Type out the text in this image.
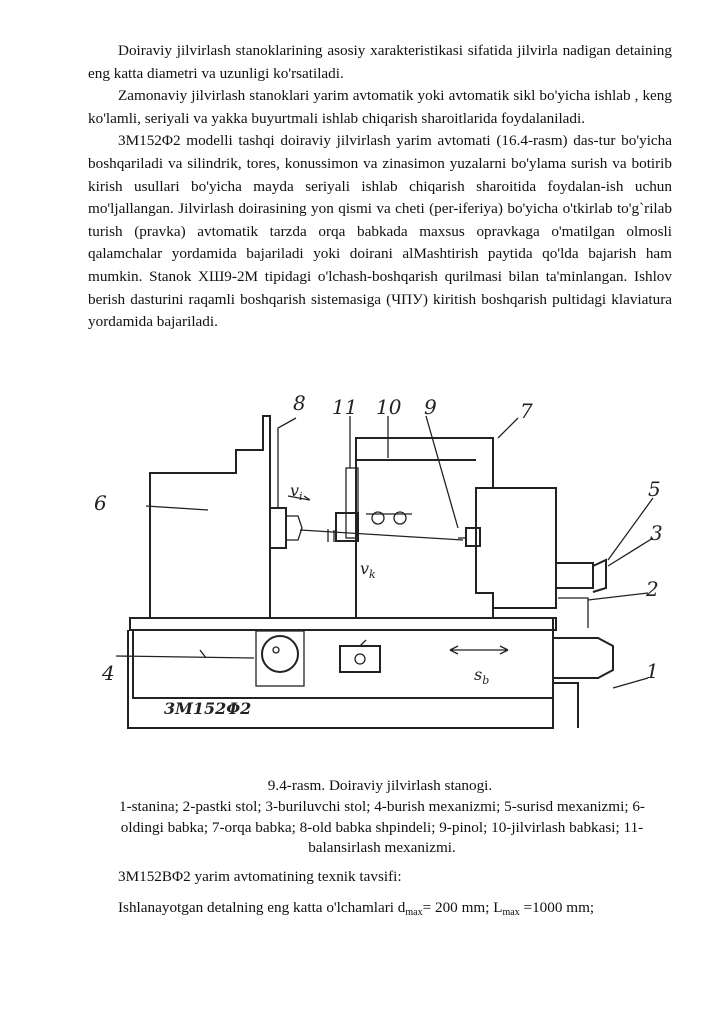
Doiraviy jilvirlash stanoklarining asosiy xarakteristikasi sifatida jilvirla nadigan detaining eng katta diametri va uzunligi ko'rsatiladi.

Zamonaviy jilvirlash stanoklari yarim avtomatik yoki avtomatik sikl bo'yicha ishlab , keng ko'lamli, seriyali va yakka buyurtmali ishlab chiqarish sharoitlarida foydalaniladi.

3M152Φ2 modelli tashqi doiraviy jilvirlash yarim avtomati (16.4-rasm) das-tur bo'yicha boshqariladi va silindrik, tores, konussimon va zinasimon yuzalarni bo'ylama surish va botirib kirish usullari bo'yicha mayda seriyali ishlab chiqarish sharoitida foydalan-ish uchun mo'ljallangan. Jilvirlash doirasining yon qismi va cheti (per-iferiya) bo'yicha o'tkirlab to'g`rilab turish (pravka) avtomatik tarzda orqa babkada maxsus opravkaga o'matilgan olmosli qalamchalar yordamida bajariladi yoki doirani alMashtirish paytida qo'lda bajarish ham mumkin. Stanok ХШ9-2М tipidagi o'lchash-boshqarish qurilmasi bilan ta'minlangan. Ishlov berish dasturini raqamli boshqarish sistemasiga (ЧПУ) kiritish boshqarish pultidagi klaviatura yordamida bajariladi.

6
8 11 10 9	7
5
3
2
1
4
$v_i$
$v_k$
$s_b$
3M152Φ2

9.4-rasm. Doiraviy jilvirlash stanogi.

1-stanina; 2-pastki stol; 3-buriluvchi stol; 4-burish mexanizmi; 5-surisd mexanizmi; 6-oldingi babka; 7-orqa babka; 8-old babka shpindeli; 9-pinol; 10-jilvirlash babkasi; 11-balansirlash mexanizmi.

3M152BΦ2 yarim avtomatining texnik tavsifi:

Ishlanayotgan detalning eng katta o'lchamlari $d_{max}= 200$ mm; $L_{max} =1000$ mm;
